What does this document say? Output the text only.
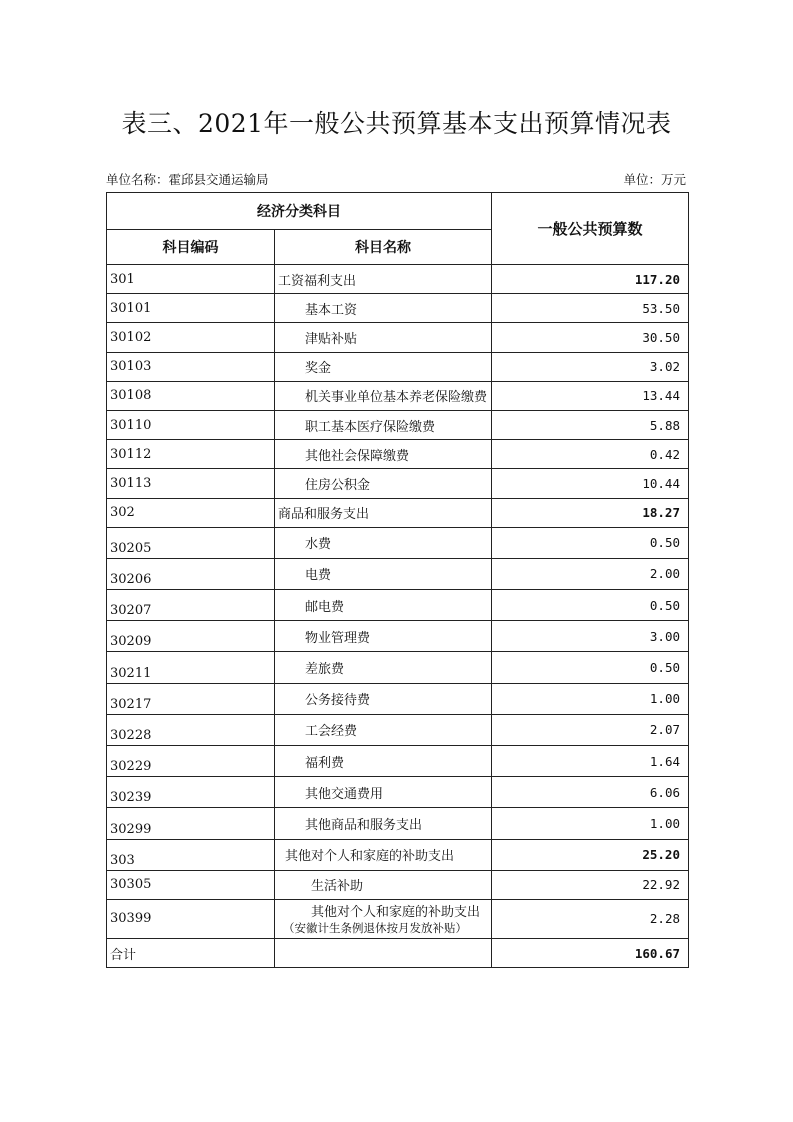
表三、2021年一般公共预算基本支出预算情况表
单位名称：霍邱县交通运输局	单位：万元
经济分类科目		一般公共预算数
科目编码	科目名称	
301	工资福利支出	117.20
30101	基本工资	53.50
30102	津贴补贴	30.50
30103	奖金	3.02
30108	机关事业单位基本养老保险缴费	13.44
30110	职工基本医疗保险缴费	5.88
30112	其他社会保障缴费	0.42
30113	住房公积金	10.44
302	商品和服务支出	18.27
30205	水费	0.50
30206	电费	2.00
30207	邮电费	0.50
30209	物业管理费	3.00
30211	差旅费	0.50
30217	公务接待费	1.00
30228	工会经费	2.07
30229	福利费	1.64
30239	其他交通费用	6.06
30299	其他商品和服务支出	1.00
303	其他对个人和家庭的补助支出	25.20
30305	生活补助	22.92
30399	其他对个人和家庭的补助支出
（安徽计生条例退休按月发放补贴）	2.28
合计		160.67
